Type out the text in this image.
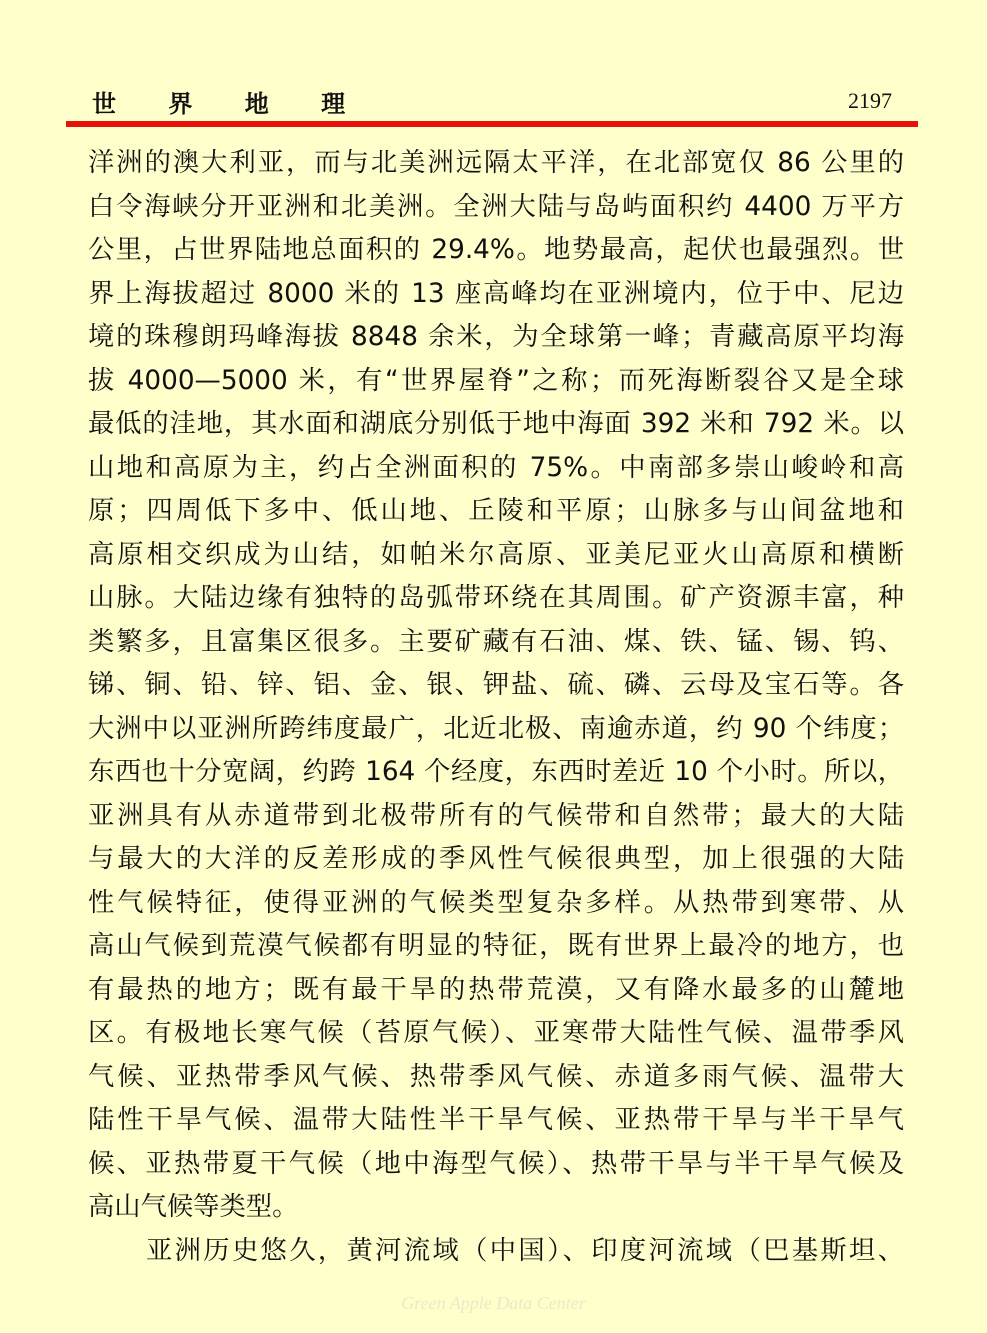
世 界 地 理	2197
洋洲的澳大利亚，而与北美洲远隔太平洋，在北部宽仅 86 公里的
白令海峡分开亚洲和北美洲。全洲大陆与岛屿面积约 4400 万平方
公里，占世界陆地总面积的 29.4%。地势最高，起伏也最强烈。世
界上海拔超过 8000 米的 13 座高峰均在亚洲境内，位于中、尼边
境的珠穆朗玛峰海拔 8848 余米，为全球第一峰；青藏高原平均海
拔 4000—5000 米，有“世界屋脊”之称；而死海断裂谷又是全球
最低的洼地，其水面和湖底分别低于地中海面 392 米和 792 米。以
山地和高原为主，约占全洲面积的 75%。中南部多崇山峻岭和高
原；四周低下多中、低山地、丘陵和平原；山脉多与山间盆地和
高原相交织成为山结，如帕米尔高原、亚美尼亚火山高原和横断
山脉。大陆边缘有独特的岛弧带环绕在其周围。矿产资源丰富，种
类繁多，且富集区很多。主要矿藏有石油、煤、铁、锰、锡、钨、
锑、铜、铅、锌、铝、金、银、钾盐、硫、磷、云母及宝石等。各
大洲中以亚洲所跨纬度最广，北近北极、南逾赤道，约 90 个纬度；
东西也十分宽阔，约跨 164 个经度，东西时差近 10 个小时。所以，
亚洲具有从赤道带到北极带所有的气候带和自然带；最大的大陆
与最大的大洋的反差形成的季风性气候很典型，加上很强的大陆
性气候特征，使得亚洲的气候类型复杂多样。从热带到寒带、从
高山气候到荒漠气候都有明显的特征，既有世界上最冷的地方，也
有最热的地方；既有最干旱的热带荒漠，又有降水最多的山麓地
区。有极地长寒气候（苔原气候）、亚寒带大陆性气候、温带季风
气候、亚热带季风气候、热带季风气候、赤道多雨气候、温带大
陆性干旱气候、温带大陆性半干旱气候、亚热带干旱与半干旱气
候、亚热带夏干气候（地中海型气候）、热带干旱与半干旱气候及
高山气候等类型。
亚洲历史悠久，黄河流域（中国）、印度河流域（巴基斯坦、
Green Apple Data Center
